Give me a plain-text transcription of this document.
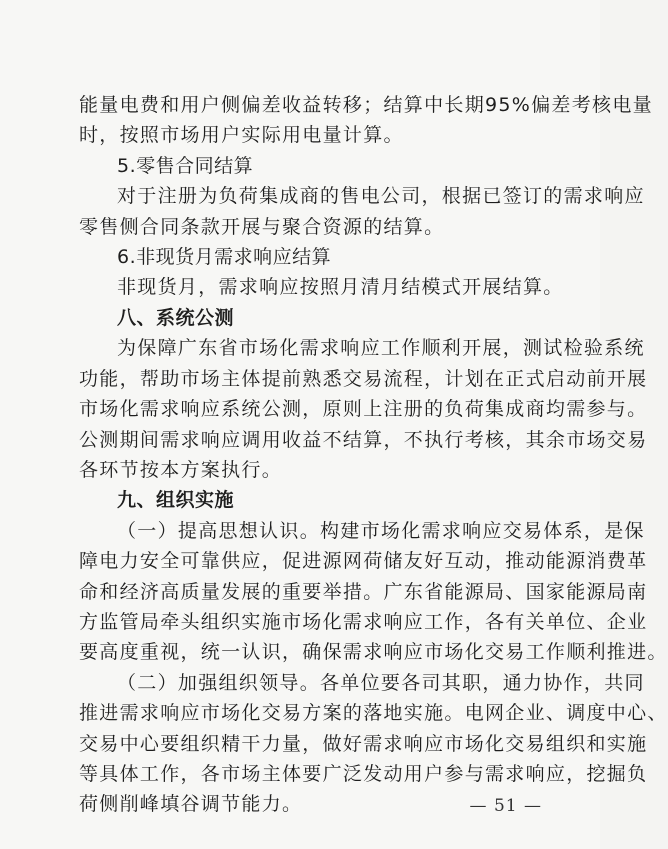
能量电费和用户侧偏差收益转移；结算中长期95%偏差考核电量
时，按照市场用户实际用电量计算。
5.零售合同结算
对于注册为负荷集成商的售电公司，根据已签订的需求响应
零售侧合同条款开展与聚合资源的结算。
6.非现货月需求响应结算
非现货月，需求响应按照月清月结模式开展结算。
八、系统公测
为保障广东省市场化需求响应工作顺利开展，测试检验系统
功能，帮助市场主体提前熟悉交易流程，计划在正式启动前开展
市场化需求响应系统公测，原则上注册的负荷集成商均需参与。
公测期间需求响应调用收益不结算，不执行考核，其余市场交易
各环节按本方案执行。
九、组织实施
（一）提高思想认识。构建市场化需求响应交易体系，是保
障电力安全可靠供应，促进源网荷储友好互动，推动能源消费革
命和经济高质量发展的重要举措。广东省能源局、国家能源局南
方监管局牵头组织实施市场化需求响应工作，各有关单位、企业
要高度重视，统一认识，确保需求响应市场化交易工作顺利推进。
（二）加强组织领导。各单位要各司其职，通力协作，共同
推进需求响应市场化交易方案的落地实施。电网企业、调度中心、
交易中心要组织精干力量，做好需求响应市场化交易组织和实施
等具体工作，各市场主体要广泛发动用户参与需求响应，挖掘负
— 51 —
荷侧削峰填谷调节能力。
